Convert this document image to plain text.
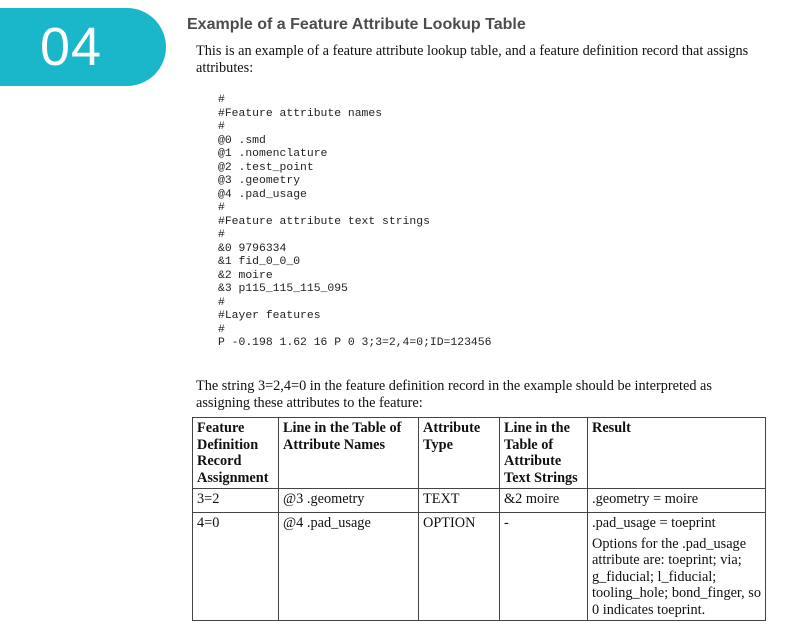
04	Example of a Feature Attribute Lookup Table

This is an example of a feature attribute lookup table, and a feature definition record that assigns attributes:

#
#Feature attribute names
#
@0 .smd
@1 .nomenclature
@2 .test_point
@3 .geometry
@4 .pad_usage
#
#Feature attribute text strings
#
&0 9796334
&1 fid_0_0_0
&2 moire
&3 p115_115_115_095
#
#Layer features
#
P -0.198 1.62 16 P 0 3;3=2,4=0;ID=123456

The string 3=2,4=0 in the feature definition record in the example should be interpreted as assigning these attributes to the feature:

Feature Definition Record Assignment	Line in the Table of Attribute Names	Attribute Type	Line in the Table of Attribute Text Strings	Result
3=2	@3 .geometry	TEXT	&2 moire	.geometry = moire
4=0	@4 .pad_usage	OPTION	-	.pad_usage = toeprint
Options for the .pad_usage attribute are: toeprint; via; g_fiducial; l_fiducial; tooling_hole; bond_finger, so 0 indicates toeprint.
